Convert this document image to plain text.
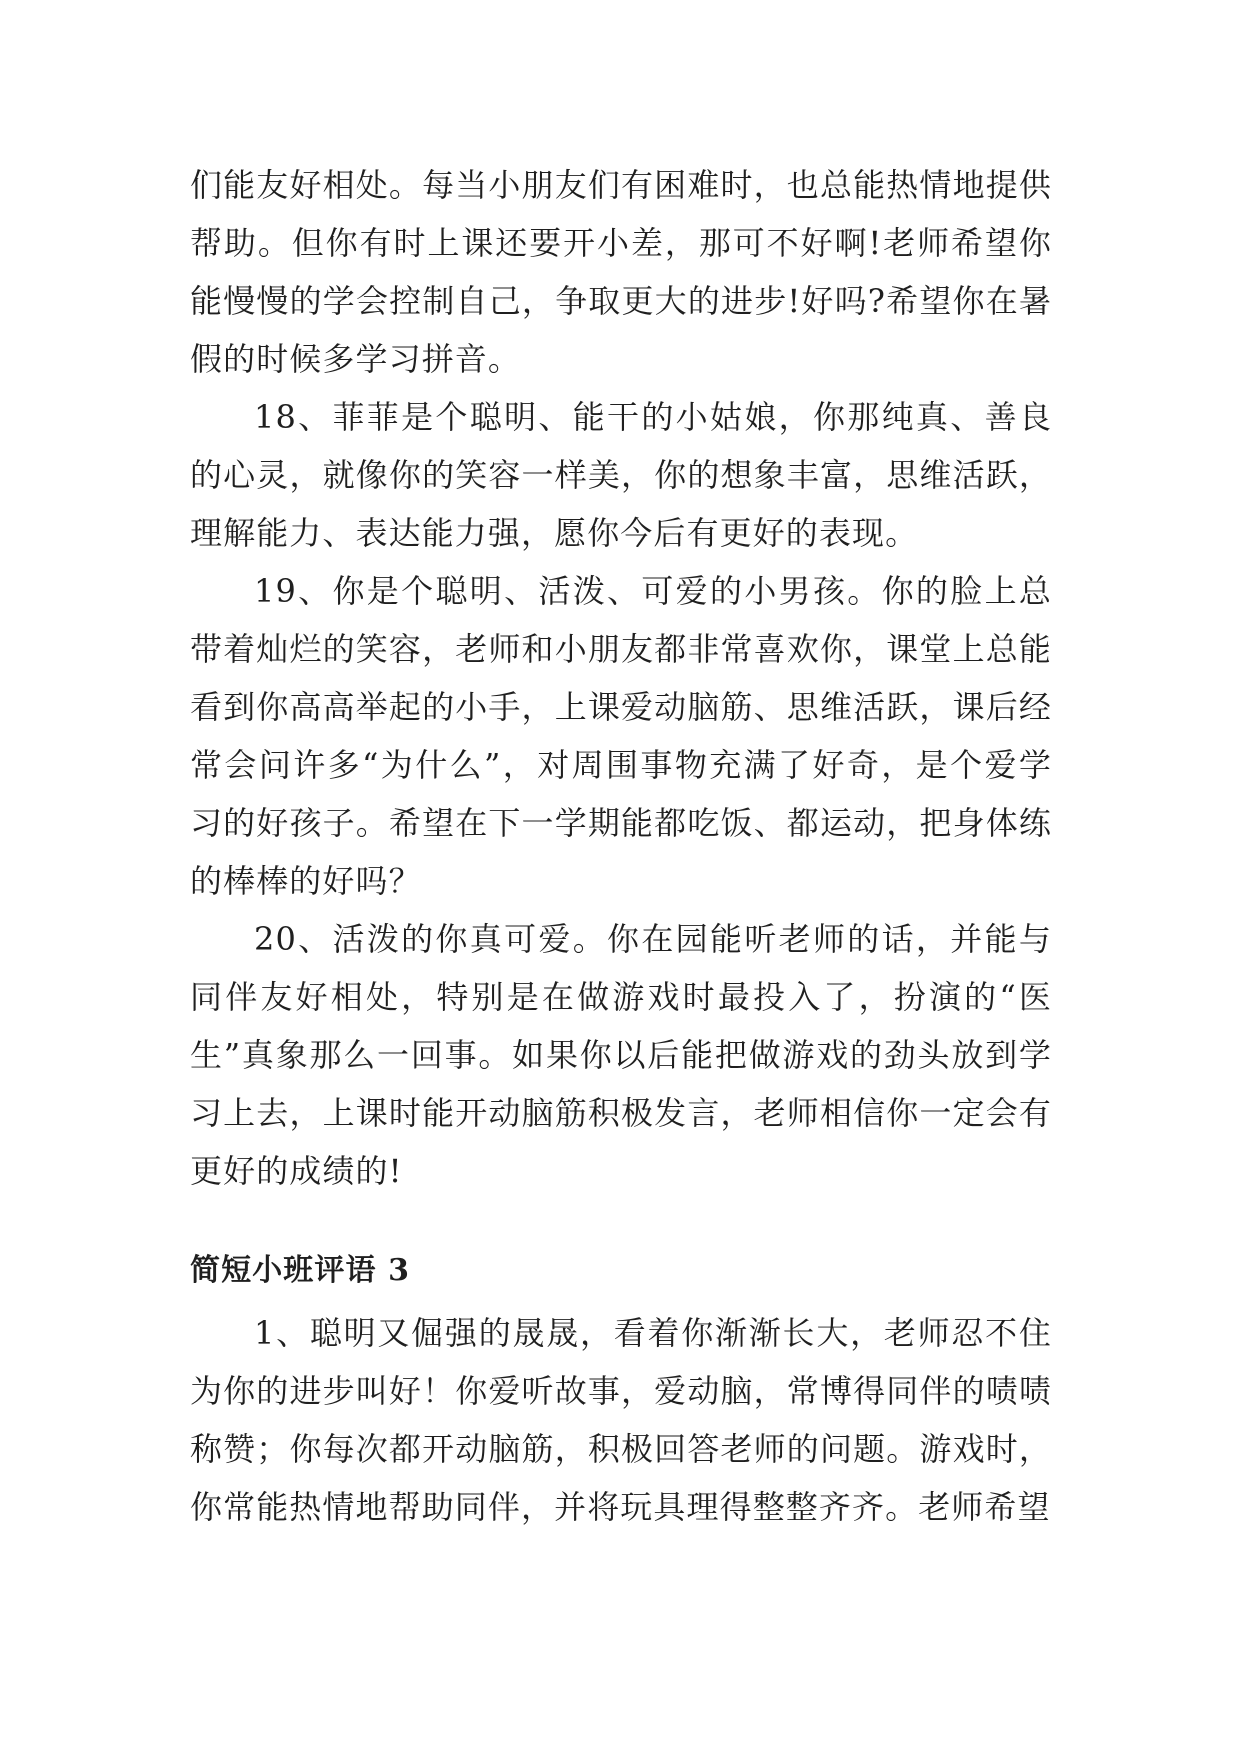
们能友好相处。每当小朋友们有困难时，也总能热情地提供帮助。但你有时上课还要开小差，那可不好啊!老师希望你能慢慢的学会控制自己，争取更大的进步!好吗?希望你在暑假的时候多学习拼音。

18、菲菲是个聪明、能干的小姑娘，你那纯真、善良的心灵，就像你的笑容一样美，你的想象丰富，思维活跃，理解能力、表达能力强，愿你今后有更好的表现。

19、你是个聪明、活泼、可爱的小男孩。你的脸上总带着灿烂的笑容，老师和小朋友都非常喜欢你，课堂上总能看到你高高举起的小手，上课爱动脑筋、思维活跃，课后经常会问许多“为什么”，对周围事物充满了好奇，是个爱学习的好孩子。希望在下一学期能都吃饭、都运动，把身体练的棒棒的好吗？

20、活泼的你真可爱。你在园能听老师的话，并能与同伴友好相处，特别是在做游戏时最投入了，扮演的“医生”真象那么一回事。如果你以后能把做游戏的劲头放到学习上去，上课时能开动脑筋积极发言，老师相信你一定会有更好的成绩的!

简短小班评语 3

1、聪明又倔强的晟晟，看着你渐渐长大，老师忍不住为你的进步叫好！你爱听故事，爱动脑，常博得同伴的啧啧称赞；你每次都开动脑筋，积极回答老师的问题。游戏时，你常能热情地帮助同伴，并将玩具理得整整齐齐。老师希望
